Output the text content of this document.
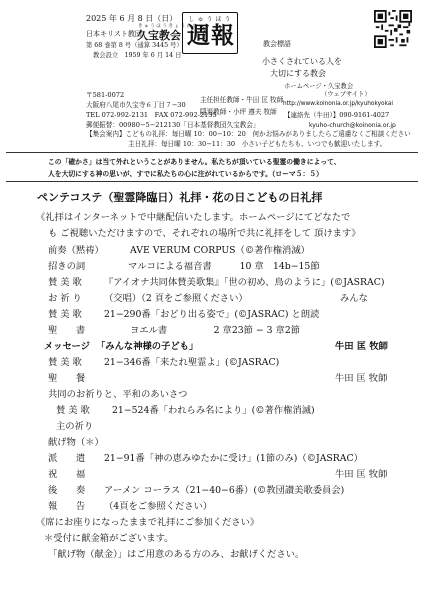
2025 年 6 月 8 日（日）
日本キリスト教団
きゅうほうきょうかい
久宝教会
第 68 巻第 8 号（通算 3445 号）
教会設立　1959 年 6 月 14 日
しゅうほう
週報	教会標語
小さくされている人を
大切にする教会
〒581-0072
大阪府八尾市久宝寺６丁目７−30
TEL 072-992-2131　FAX 072-992-2135
郵便振替：00980−5−212130「日本基督教団久宝教会」
主任担任教師・牛田 匡 牧師
隠退教師・小坪 遵夫 牧師
ホームページ・久宝教会
（ウェブサイト）
http://www.koinonia.or.jp/kyuhokyokai
【連絡先（牛田）】090-9161-4027
kyuho-church@koinonia.or.jp
【集会案内】こどもの礼拝：毎日曜 10：00−10：20　何かお悩みがありましたらご遠慮なくご相談ください
主日礼拝：毎日曜 10：30−11：30　小さい子どもたちも、いつでも歓迎いたします。
この「確かさ」は当て外れということがありません。私たちが頂いている聖霊の働きによって、
人を大切にする神の思いが、すでに私たちの心に注がれているからです。（ローマ５：５）
ペンテコステ（聖霊降臨日）礼拝・花の日こどもの日礼拝
《礼拝はインターネットで中継配信いたします。ホームページにてどなたで
も ご視聴いただけますので、それぞれの場所で共に礼拝をして 頂けます》
前奏（黙祷）	AVE VERUM CORPUS（©著作権消滅）
招きの詞	マルコによる福音書　　　10 章　14b−15節
賛 美 歌 『アイオナ共同体賛美歌集』「世の初め、鳥のように」(©JASRAC)
お 祈 り （交唱）（2 頁をご参照ください）	みんな
賛 美 歌 21−290番「おどり出る姿で」(©JASRAC) と朗読
聖　　書	ヨエル書　　　　　2 章23節 − 3 章2節
メッセージ 「みんな神様の子ども」	牛田 匡 牧師
賛 美 歌 21−346番「来たれ聖霊よ」(©JASRAC)
聖　　餐	牛田 匡 牧師
共同のお祈りと、平和のあいさつ
賛 美 歌 21−524番「われらみ名により」(©著作権消滅)
主の祈り
献げ物（＊）
派　　遣 21−91番「神の恵みゆたかに受け」(1節のみ)（©JASRAC）
祝　　福	牛田 匡 牧師
後　　奏 アーメン コーラス（21−40−6番）(©教団讃美歌委員会)
報　　告 （4頁をご参照ください）
《席にお座りになったままで礼拝にご参加ください》
＊受付に献金箱がございます。
「献げ物（献金）」はご用意のある方のみ、お献げください。
